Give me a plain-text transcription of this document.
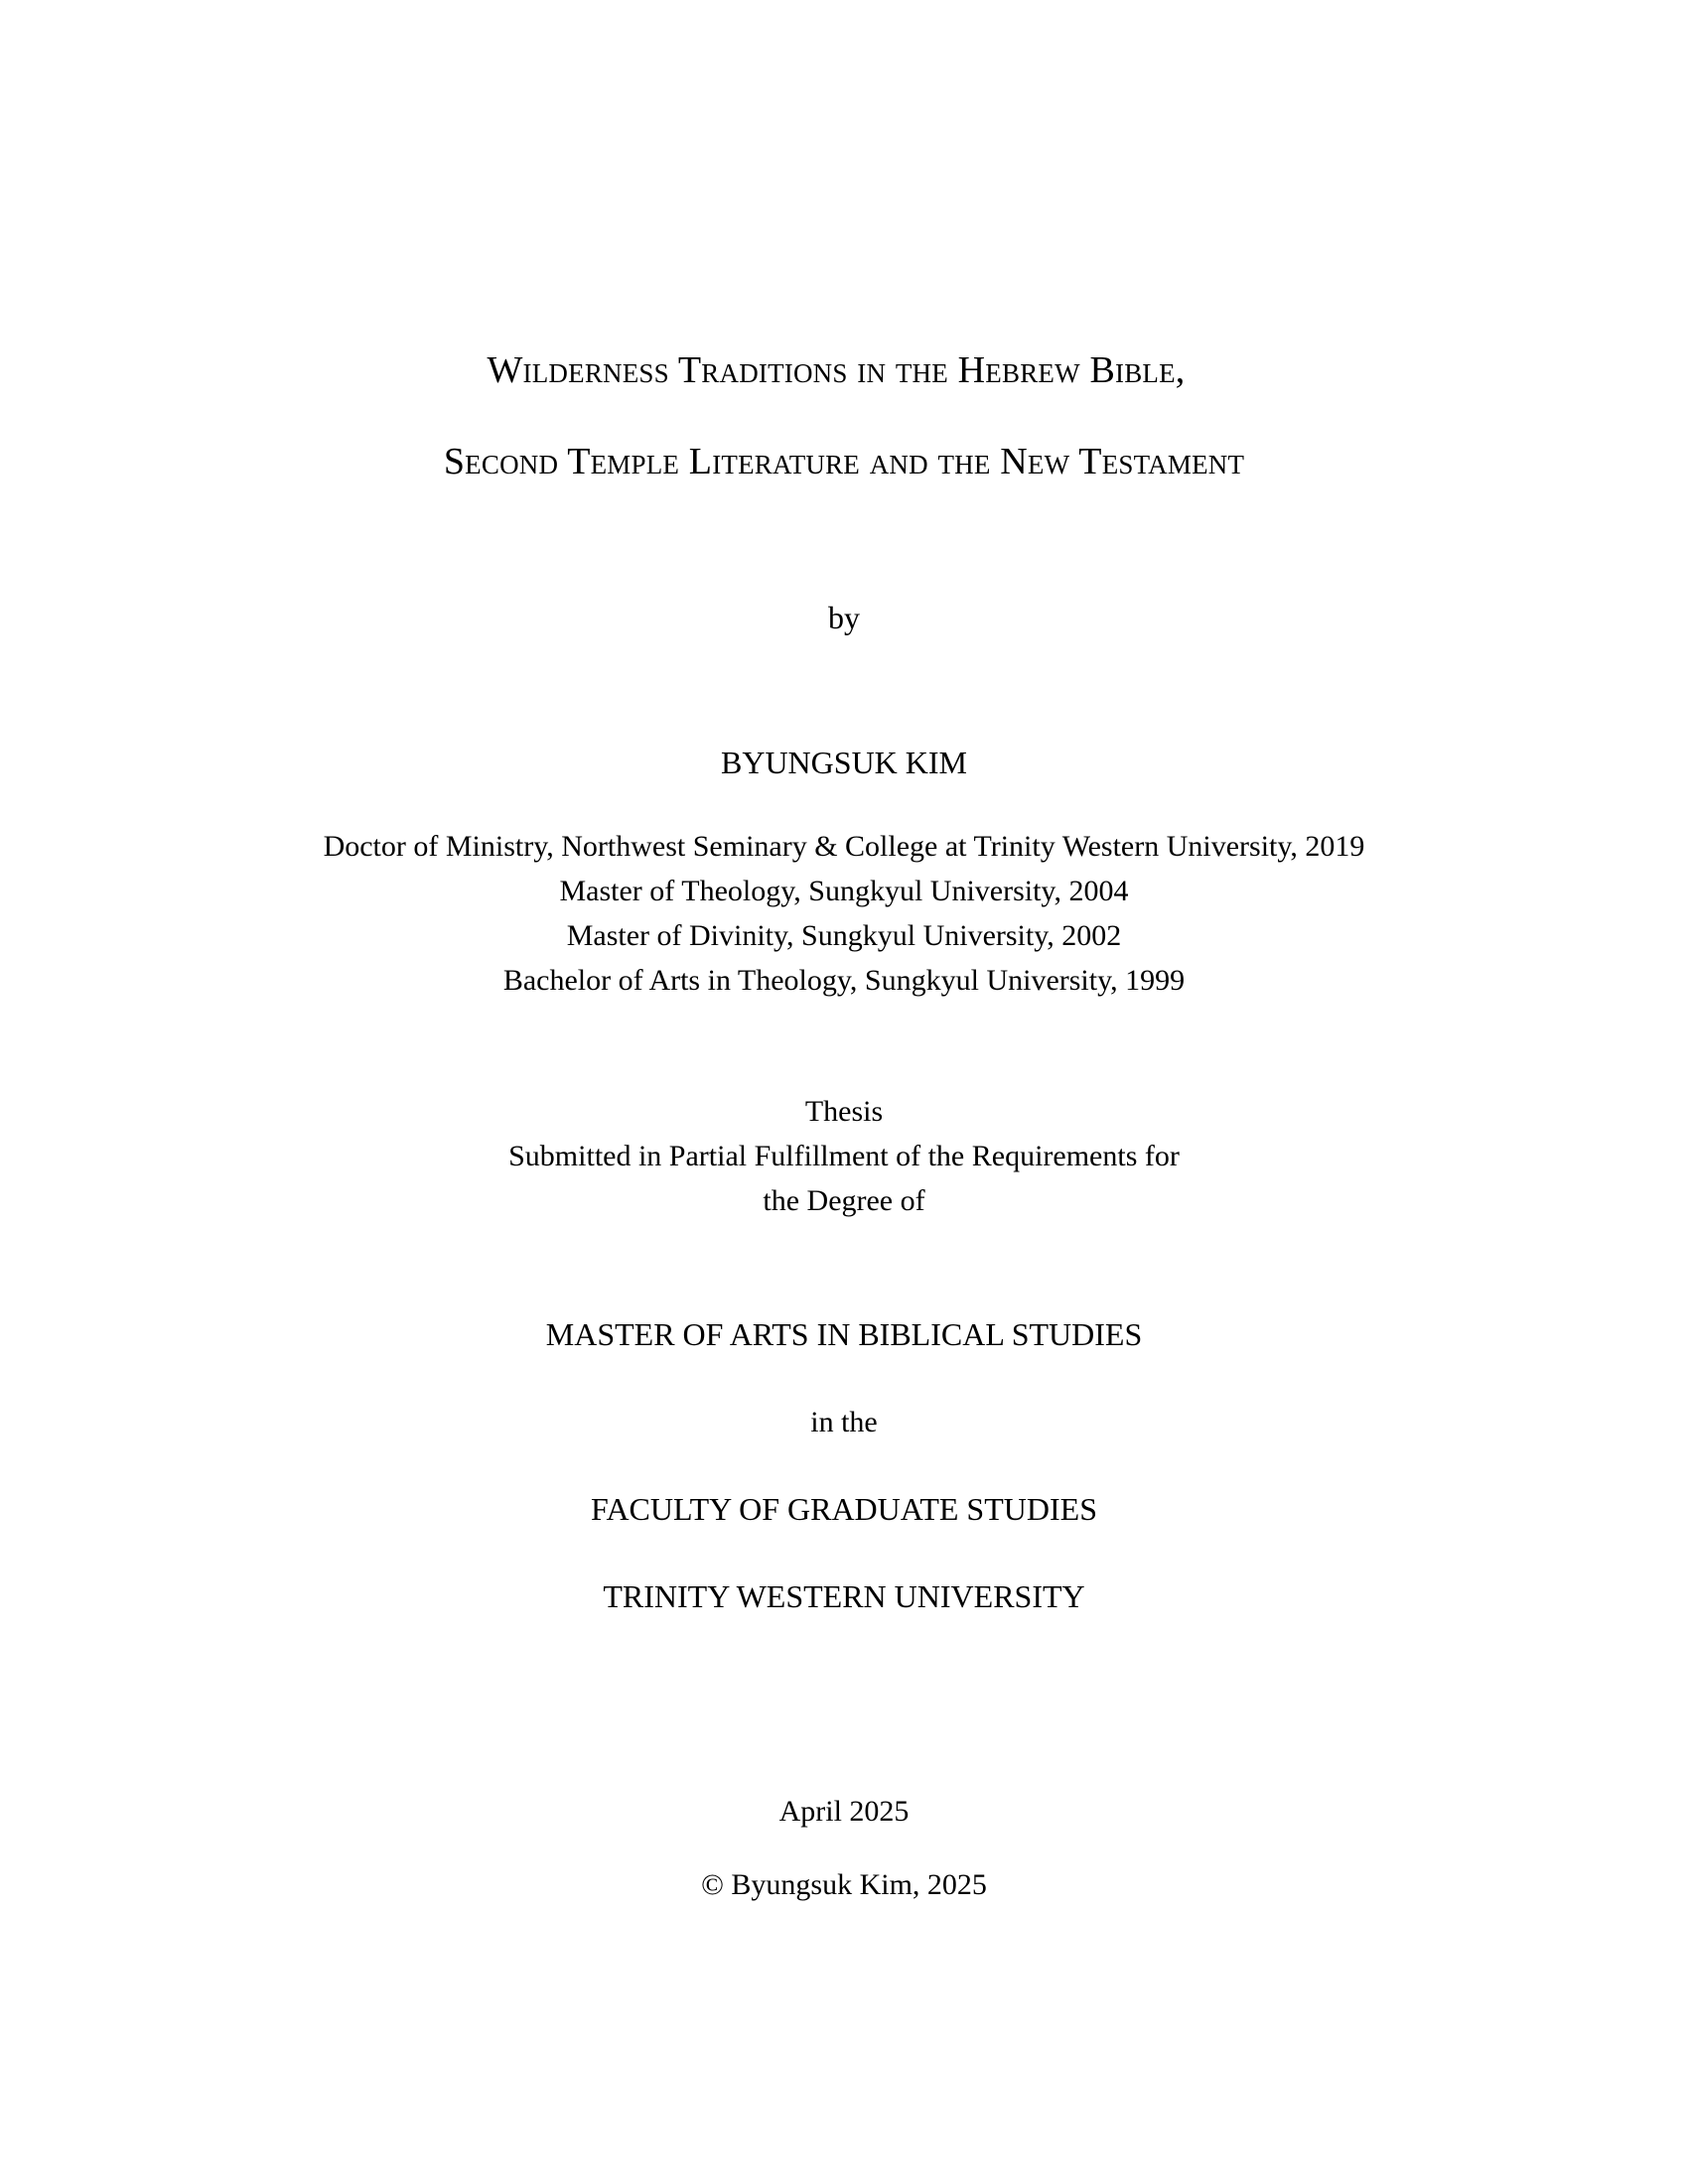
Wilderness Traditions in the Hebrew Bible,
Second Temple Literature and the New Testament
by
BYUNGSUK KIM
Doctor of Ministry, Northwest Seminary & College at Trinity Western University, 2019
Master of Theology, Sungkyul University, 2004
Master of Divinity, Sungkyul University, 2002
Bachelor of Arts in Theology, Sungkyul University, 1999
Thesis
Submitted in Partial Fulfillment of the Requirements for
the Degree of
MASTER OF ARTS IN BIBLICAL STUDIES
in the
FACULTY OF GRADUATE STUDIES
TRINITY WESTERN UNIVERSITY
April 2025
© Byungsuk Kim, 2025
